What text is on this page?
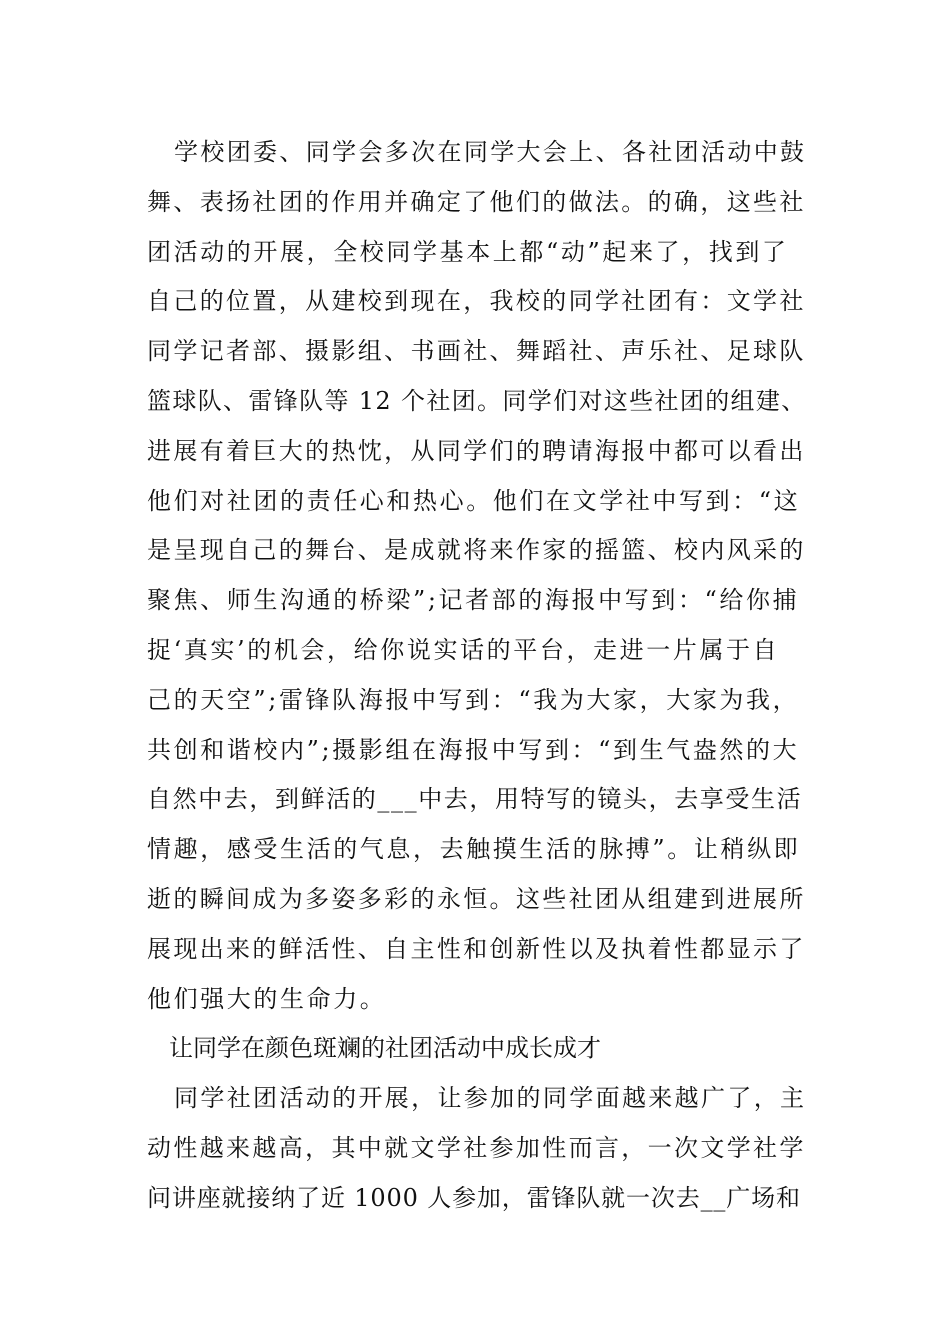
学校团委、同学会多次在同学大会上、各社团活动中鼓
舞、表扬社团的作用并确定了他们的做法。的确，这些社
团活动的开展，全校同学基本上都“动”起来了，找到了
自己的位置，从建校到现在，我校的同学社团有：文学社
同学记者部、摄影组、书画社、舞蹈社、声乐社、足球队
篮球队、雷锋队等 12 个社团。同学们对这些社团的组建、
进展有着巨大的热忱，从同学们的聘请海报中都可以看出
他们对社团的责任心和热心。他们在文学社中写到：“这
是呈现自己的舞台、是成就将来作家的摇篮、校内风采的
聚焦、师生沟通的桥梁”;记者部的海报中写到：“给你捕
捉‘真实’的机会，给你说实话的平台，走进一片属于自
己的天空”;雷锋队海报中写到：“我为大家，大家为我，
共创和谐校内”;摄影组在海报中写到：“到生气盎然的大
自然中去，到鲜活的___中去，用特写的镜头，去享受生活
情趣，感受生活的气息，去触摸生活的脉搏”。让稍纵即
逝的瞬间成为多姿多彩的永恒。这些社团从组建到进展所
展现出来的鲜活性、自主性和创新性以及执着性都显示了
他们强大的生命力。
让同学在颜色斑斓的社团活动中成长成才
同学社团活动的开展，让参加的同学面越来越广了，主
动性越来越高，其中就文学社参加性而言，一次文学社学
问讲座就接纳了近 1000 人参加，雷锋队就一次去__广场和
